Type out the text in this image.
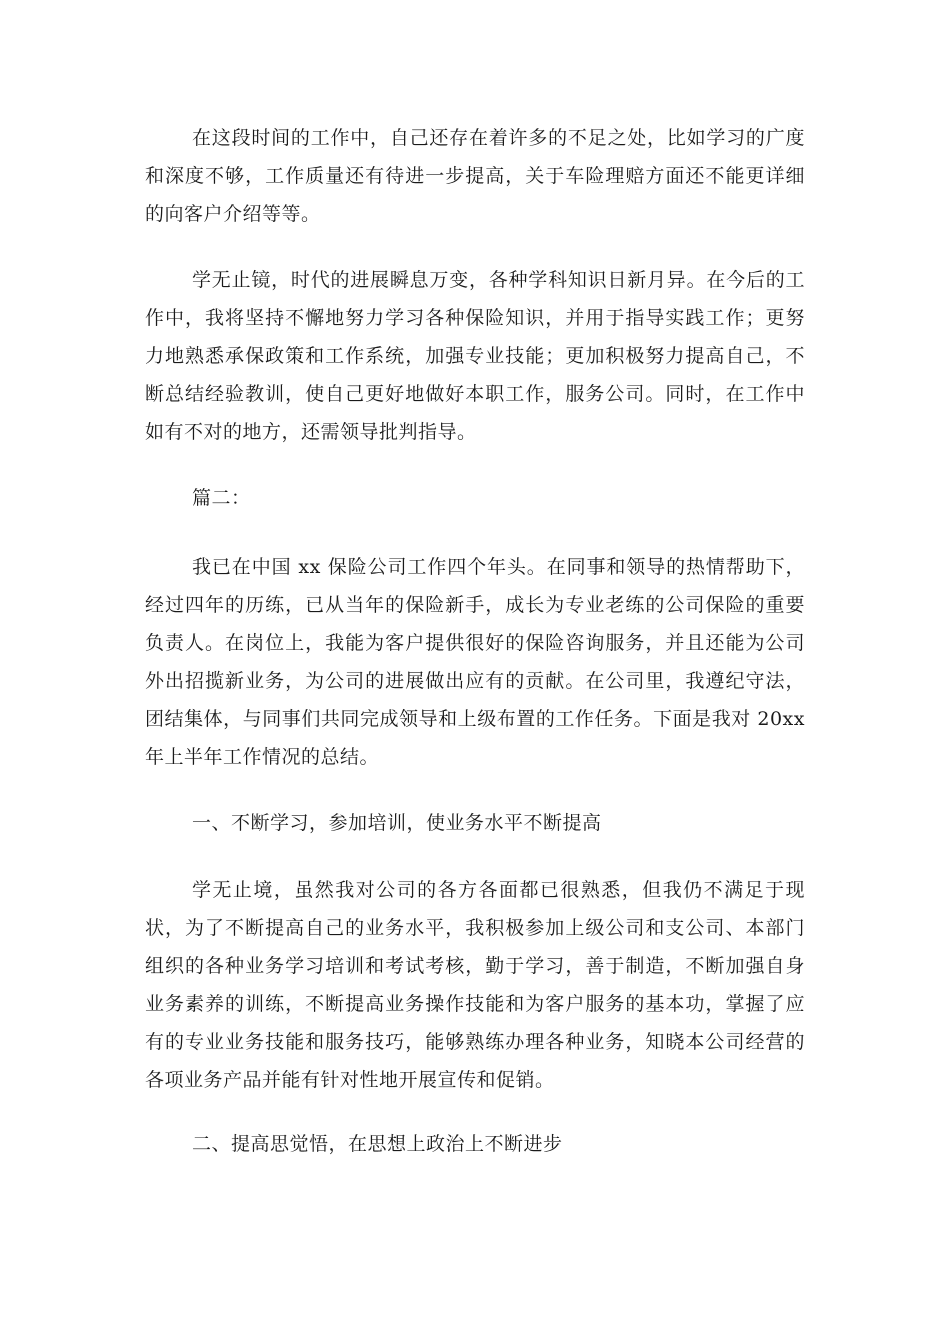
在这段时间的工作中，自己还存在着许多的不足之处，比如学习的广度和深度不够，工作质量还有待进一步提高，关于车险理赔方面还不能更详细的向客户介绍等等。

学无止镜，时代的进展瞬息万变，各种学科知识日新月异。在今后的工作中，我将坚持不懈地努力学习各种保险知识，并用于指导实践工作；更努力地熟悉承保政策和工作系统，加强专业技能；更加积极努力提高自己，不断总结经验教训，使自己更好地做好本职工作，服务公司。同时，在工作中如有不对的地方，还需领导批判指导。

篇二：

我已在中国 xx 保险公司工作四个年头。在同事和领导的热情帮助下，经过四年的历练，已从当年的保险新手，成长为专业老练的公司保险的重要负责人。在岗位上，我能为客户提供很好的保险咨询服务，并且还能为公司外出招揽新业务，为公司的进展做出应有的贡献。在公司里，我遵纪守法，团结集体，与同事们共同完成领导和上级布置的工作任务。下面是我对 20xx 年上半年工作情况的总结。

一、不断学习，参加培训，使业务水平不断提高

学无止境，虽然我对公司的各方各面都已很熟悉，但我仍不满足于现状，为了不断提高自己的业务水平，我积极参加上级公司和支公司、本部门组织的各种业务学习培训和考试考核，勤于学习，善于制造，不断加强自身业务素养的训练，不断提高业务操作技能和为客户服务的基本功，掌握了应有的专业业务技能和服务技巧，能够熟练办理各种业务，知晓本公司经营的各项业务产品并能有针对性地开展宣传和促销。

二、提高思觉悟，在思想上政治上不断进步
